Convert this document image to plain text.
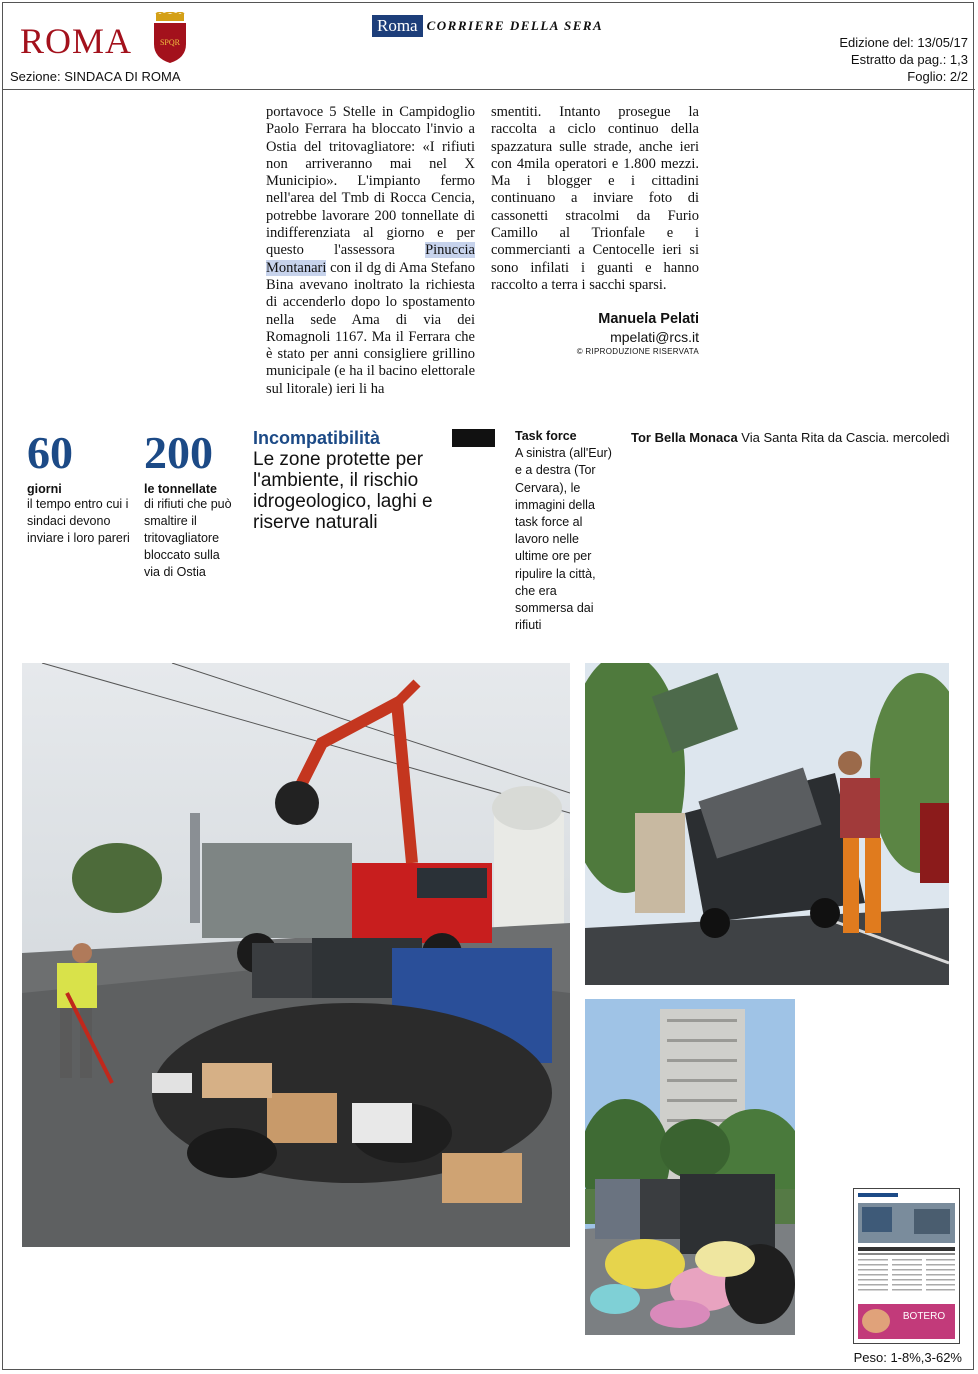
ROMA	SPQR
Sezione: SINDACA DI ROMA
Roma CORRIERE DELLA SERA
Edizione del: 13/05/17
Estratto da pag.: 1,3
Foglio: 2/2

portavoce 5 Stelle in Campidoglio Paolo Ferrara ha bloccato l'invio a Ostia del tritovagliatore: «I rifiuti non arriveranno mai nel X Municipio». L'impianto fermo nell'area del Tmb di Rocca Cencia, potrebbe lavorare 200 tonnellate di indifferenziata al giorno e per questo l'assessora Pinuccia Montanari con il dg di Ama Stefano Bina avevano inoltrato la richiesta di accenderlo dopo lo spostamento nella sede Ama di via dei Romagnoli 1167. Ma il Ferrara che è stato per anni consigliere grillino municipale (e ha il bacino elettorale sul litorale) ieri li ha

smentiti. Intanto prosegue la raccolta a ciclo continuo della spazzatura sulle strade, anche ieri con 4mila operatori e 1.800 mezzi. Ma i blogger e i cittadini continuano a inviare foto di cassonetti stracolmi da Furio Camillo al Trionfale e i commercianti a Centocelle ieri si sono infilati i guanti e hanno raccolto a terra i sacchi sparsi.

Manuela Pelati
mpelati@rcs.it
© RIPRODUZIONE RISERVATA
60
giorni
il tempo entro cui i sindaci devono inviare i loro pareri
200
le tonnellate
di rifiuti che può smaltire il tritovagliatore bloccato sulla via di Ostia
Incompatibilità
Le zone protette per l'ambiente, il rischio idrogeologico, laghi e riserve naturali
Task force
A sinistra (all'Eur) e a destra (Tor Cervara), le immagini della task force al lavoro nelle ultime ore per ripulire la città, che era sommersa dai rifiuti
Tor Bella Monaca Via Santa Rita da Cascia. mercoledì
BOTERO
Peso: 1-8%,3-62%
